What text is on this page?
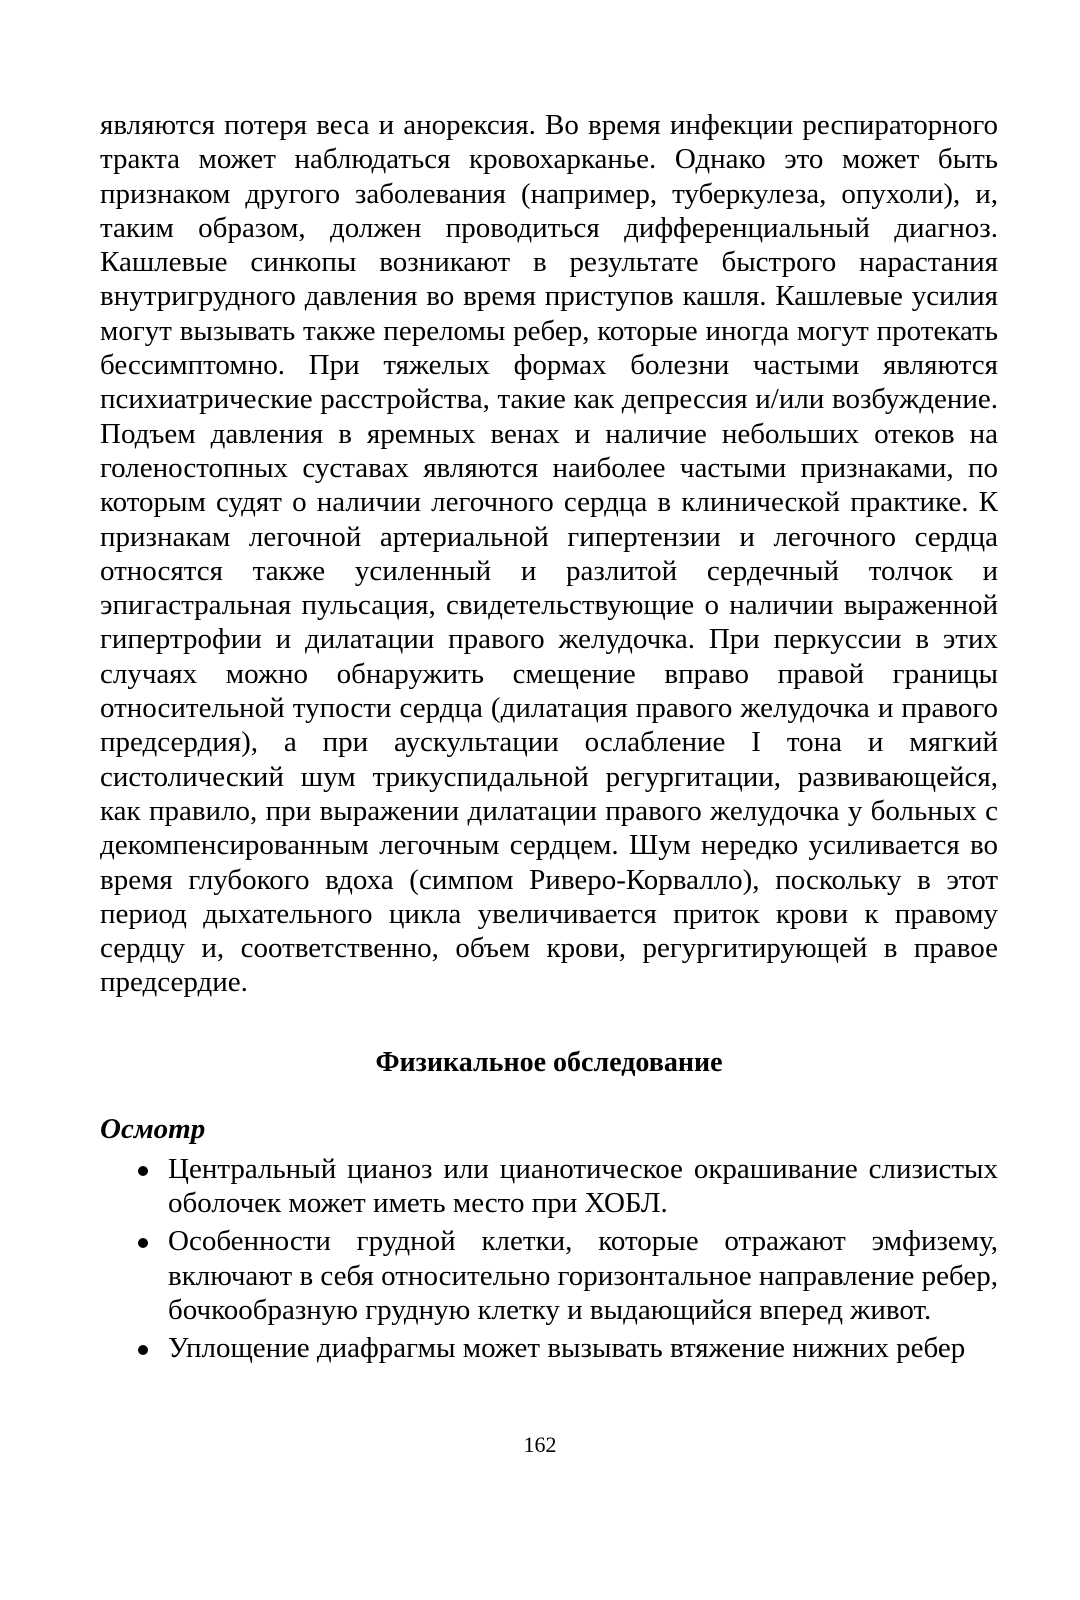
являются потеря веса и анорексия. Во время инфекции респираторного тракта может наблюдаться кровохарканье. Однако это может быть признаком другого заболевания (например, туберкулеза, опухоли), и, таким образом, должен проводиться дифференциальный диагноз. Кашлевые синкопы возникают в результате быстрого нарастания внутригрудного давления во время приступов кашля. Кашлевые усилия могут вызывать также переломы ребер, которые иногда могут протекать бессимптомно. При тяжелых формах болезни частыми являются психиатрические расстройства, такие как депрессия и/или возбуждение. Подъем давления в яремных венах и наличие небольших отеков на голеностопных суставах являются наиболее частыми признаками, по которым судят о наличии легочного сердца в клинической практике. К признакам легочной артериальной гипертензии и легочного сердца относятся также усиленный и разлитой сердечный толчок и эпигастральная пульсация, свидетельствующие о наличии выраженной гипертрофии и дилатации правого желудочка. При перкуссии в этих случаях можно обнаружить смещение вправо правой границы относительной тупости сердца (дилатация правого желудочка и правого предсердия), а при аускультации ослабление I тона и мягкий систолический шум трикуспидальной регургитации, развивающейся, как правило, при выражении дилатации правого желудочка у больных с декомпенсированным легочным сердцем. Шум нередко усиливается во время глубокого вдоха (симпом Риверо-Корвалло), поскольку в этот период дыхательного цикла увеличивается приток крови к правому сердцу и, соответственно, объем крови, регургитирующей в правое предсердие.

Физикальное обследование
Осмотр
Центральный цианоз или цианотическое окрашивание слизистых оболочек может иметь место при ХОБЛ.
Особенности грудной клетки, которые отражают эмфизему, включают в себя относительно горизонтальное направление ребер, бочкообразную грудную клетку и выдающийся вперед живот.
Уплощение диафрагмы может вызывать втяжение нижних ребер
162
